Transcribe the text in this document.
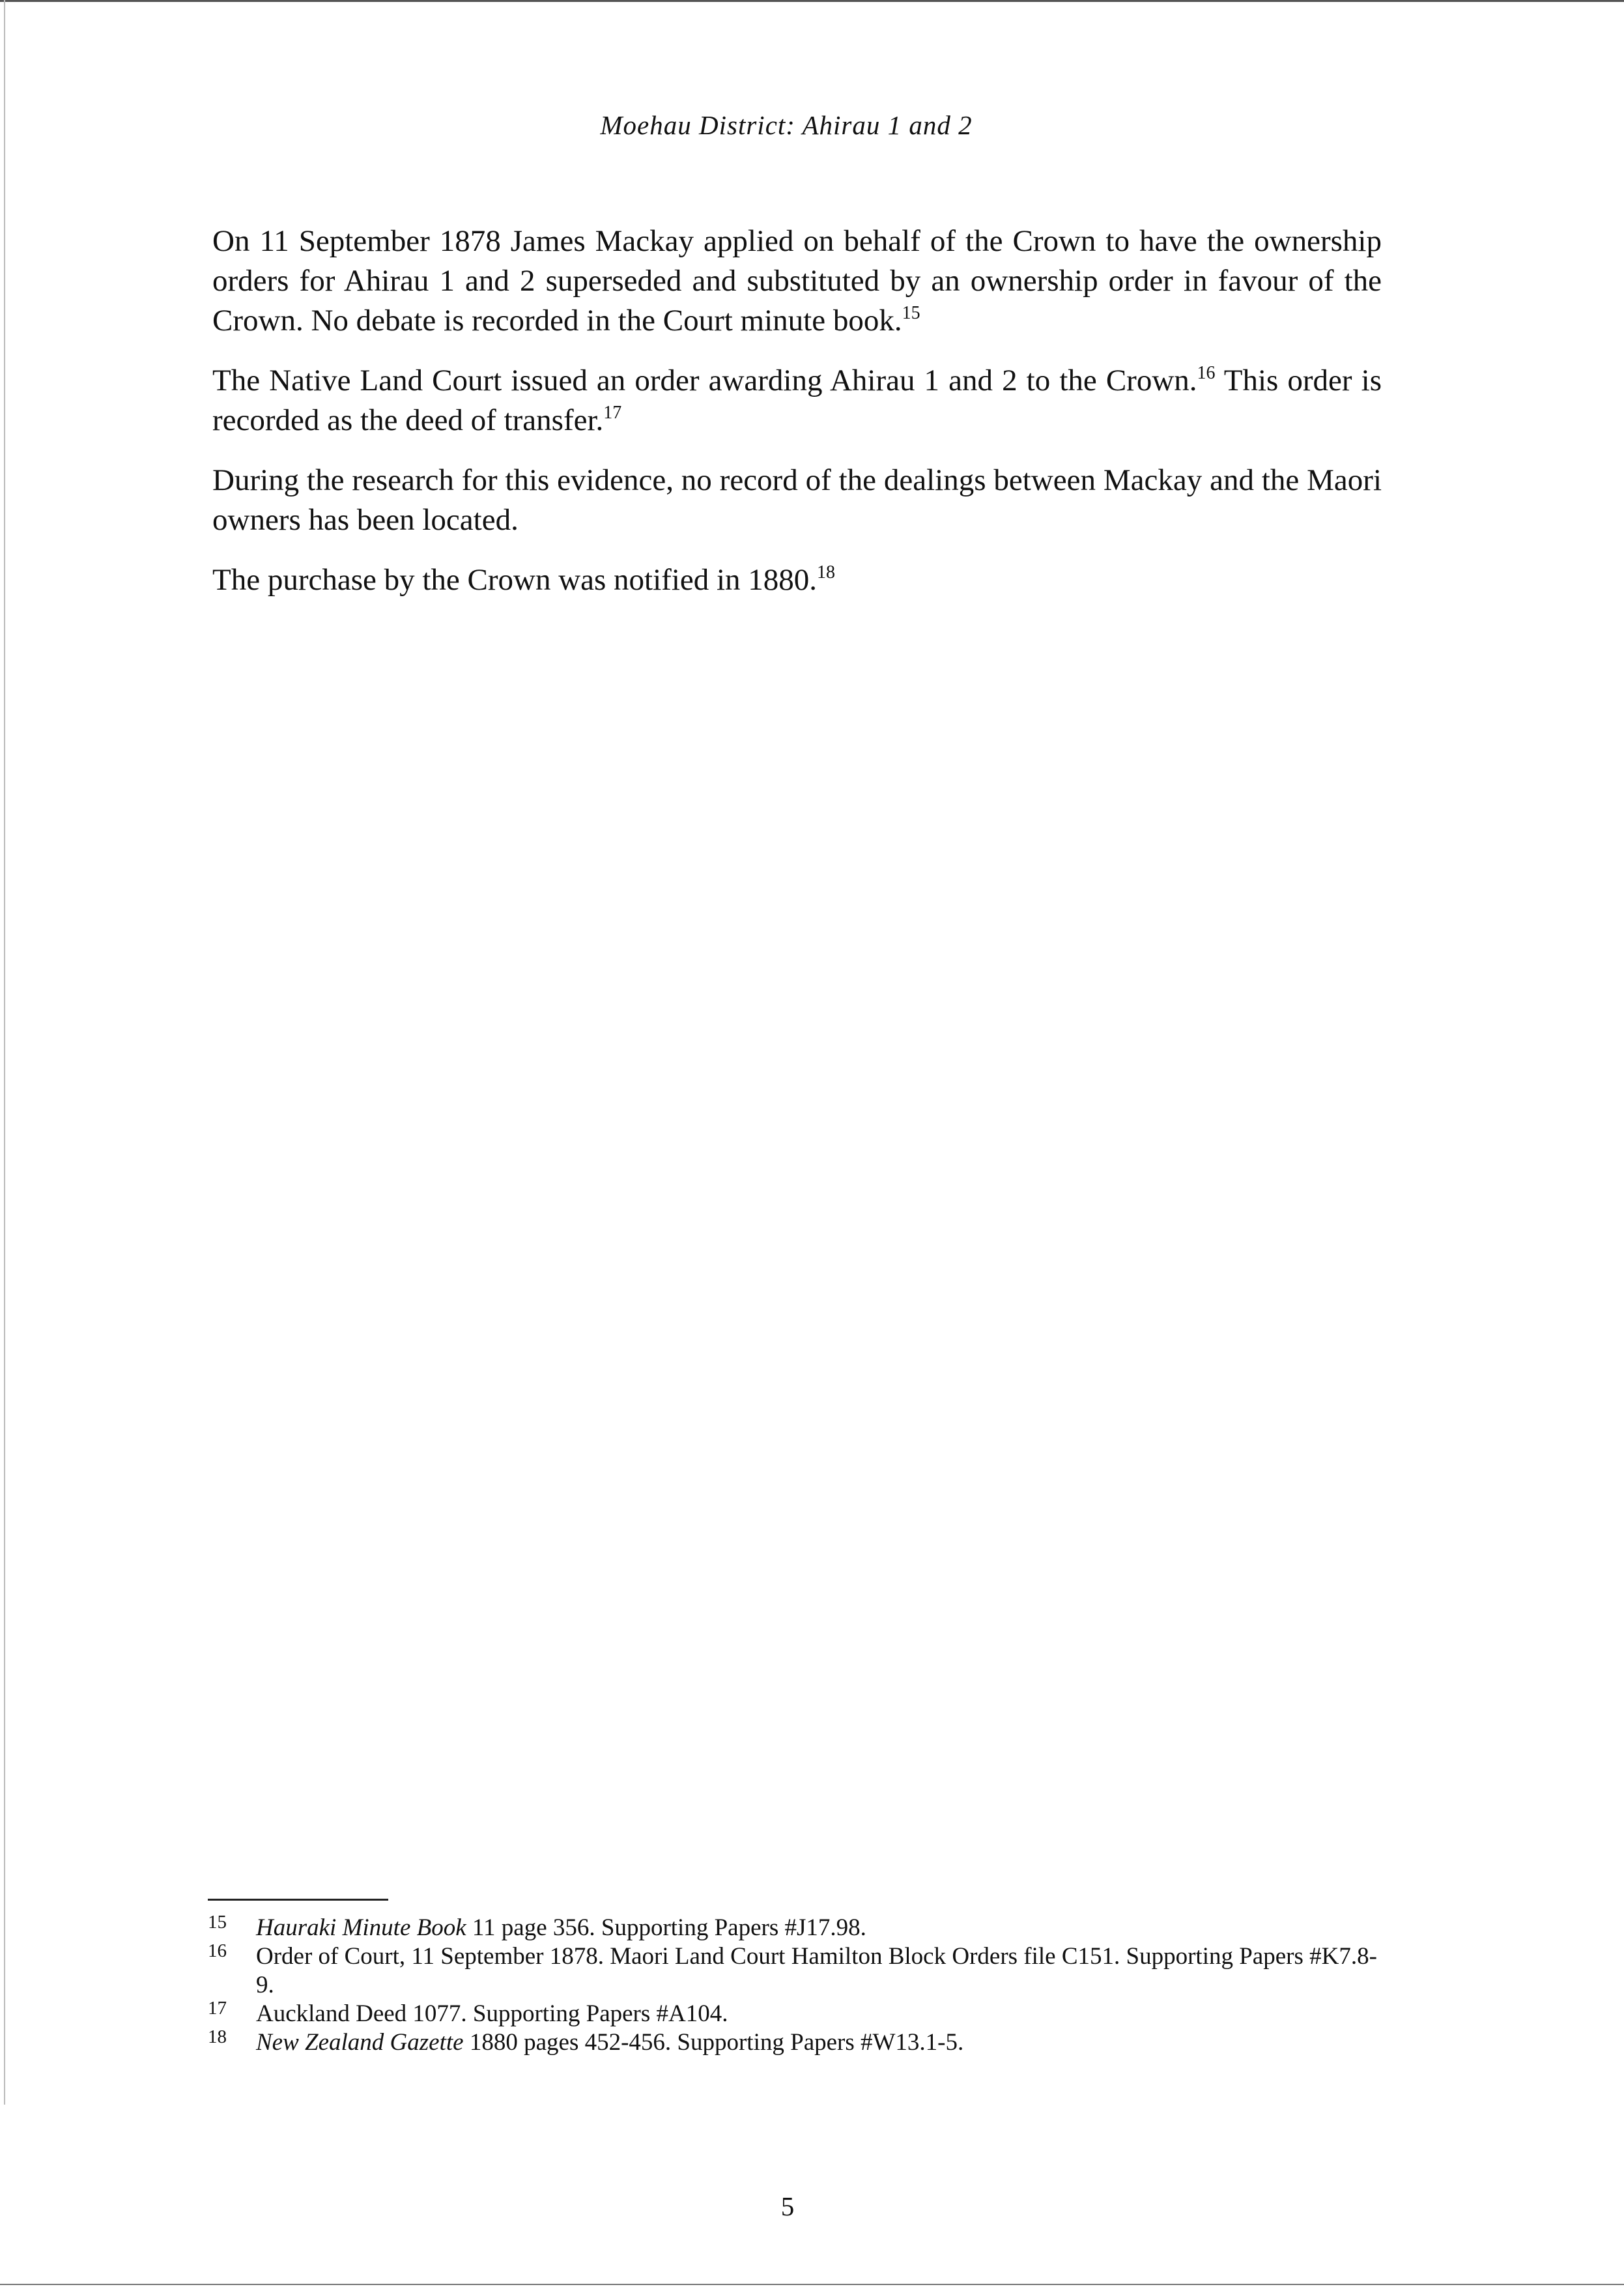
Moehau District: Ahirau 1 and 2

On 11 September 1878 James Mackay applied on behalf of the Crown to have the ownership orders for Ahirau 1 and 2 superseded and substituted by an ownership order in favour of the Crown. No debate is recorded in the Court minute book.$^{15}$

The Native Land Court issued an order awarding Ahirau 1 and 2 to the Crown.$^{16}$ This order is recorded as the deed of transfer.$^{17}$

During the research for this evidence, no record of the dealings between Mackay and the Maori owners has been located.

The purchase by the Crown was notified in 1880.18

15 Hauraki Minute Book 11 page 356. Supporting Papers #J17.98.
16 Order of Court, 11 September 1878. Maori Land Court Hamilton Block Orders file C151. Supporting Papers #K7.8-9.
17 Auckland Deed 1077. Supporting Papers #A104.
18 New Zealand Gazette 1880 pages 452-456. Supporting Papers #W13.1-5.
5
